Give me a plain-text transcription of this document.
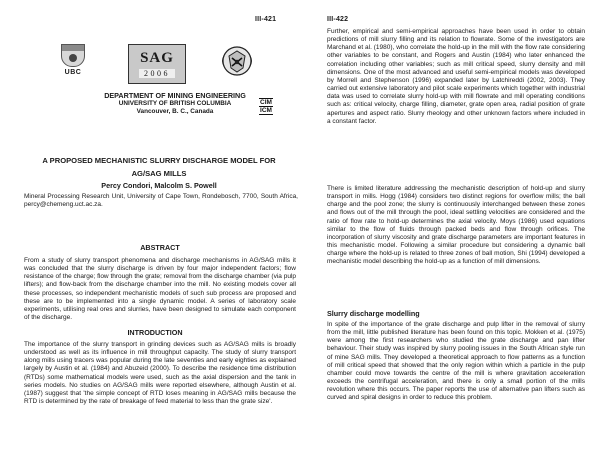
III-421
UBC
SAG
2006
DEPARTMENT OF MINING ENGINEERING
UNIVERSITY OF BRITISH COLUMBIA
Vancouver, B. C., Canada
CIM
ICM
A PROPOSED MECHANISTIC SLURRY DISCHARGE MODEL FOR
AG/SAG MILLS
Percy Condori, Malcolm S. Powell
Mineral Processing Research Unit, University of Cape Town, Rondebosch, 7700, South Africa, percy@chemeng.uct.ac.za.
ABSTRACT

From a study of slurry transport phenomena and discharge mechanisms in AG/SAG mills it was concluded that the slurry discharge is driven by four major independent factors; flow resistance of the charge; flow through the grate; removal from the discharge chamber (via pulp lifters); and flow-back from the discharge chamber into the mill. No existing models cover all these processes, so independent mechanistic models of such sub process are proposed and these are to be implemented into a single dynamic model. A series of laboratory scale experiments, utilising real ores and slurries, have been designed to simulate each component of the discharge.

INTRODUCTION

The importance of the slurry transport in grinding devices such as AG/SAG mills is broadly understood as well as its influence in mill throughput capacity. The study of slurry transport along mills using tracers was popular during the late seventies and early eighties as explained largely by Austin et al. (1984) and Abuzeid (2000). To describe the residence time distribution (RTDs) some mathematical models were used, such as the axial dispersion and the tank in series models. No studies on AG/SAG mills were reported elsewhere, although Austin et al. (1987) suggest that 'the simple concept of RTD loses meaning in AG/SAG mills because the RTD is determined by the rate of breakage of feed material to less than the grate size'.

III-422

Further, empirical and semi-empirical approaches have been used in order to obtain predictions of mill slurry filling and its relation to flowrate. Some of the investigators are Marchand et al. (1980), who correlate the hold-up in the mill with the flow rate considering other variables to be constant, and Rogers and Austin (1984) who later enhanced the correlation including other variables; such as mill critical speed, slurry density and mill dimensions. One of the most advanced and useful semi-empirical models was developed by Morrell and Stephenson (1996) expanded later by Latchireddi (2002, 2003). They carried out extensive laboratory and pilot scale experiments which together with industrial data was used to correlate slurry hold-up with mill flowrate and mill operating conditions such as: critical velocity, charge filling, diameter, grate open area, radial position of grate apertures and aspect ratio. Slurry rheology and other unknown factors where included in a constant factor.

There is limited literature addressing the mechanistic description of hold-up and slurry transport in mills. Hogg (1984) considers two distinct regions for overflow mills; the ball charge and the pool zone; the slurry is continuously interchanged between these zones and flows out of the mill through the pool, ideal settling velocities are considered and the ratio of flow rate to hold-up determines the axial velocity. Moys (1986) used equations similar to the flow of fluids through packed beds and flow through orifices. The incorporation of slurry viscosity and grate discharge parameters are important features in this mechanistic model. Following a similar procedure but considering a dynamic ball charge where the hold-up is related to three zones of ball motion, Shi (1994) developed a mechanistic model describing the hold-up as a function of mill dimensions.

Slurry discharge modelling

In spite of the importance of the grate discharge and pulp lifter in the removal of slurry from the mill, little published literature has been found on this topic. Mokken et al. (1975) were among the first researchers who studied the grate discharge and pan lifter behaviour. Their study was inspired by slurry pooling issues in the South African style run of mine SAG mills. They developed a theoretical approach to flow patterns as a function of mill critical speed that showed that the only region within which a particle in the pulp chamber could move towards the centre of the mill is where gravitation acceleration exceeds the centrifugal acceleration, and there is only a small portion of the mills revolution where this occurs. The paper reports the use of alternative pan lifters such as curved and spiral designs in order to reduce this problem.
